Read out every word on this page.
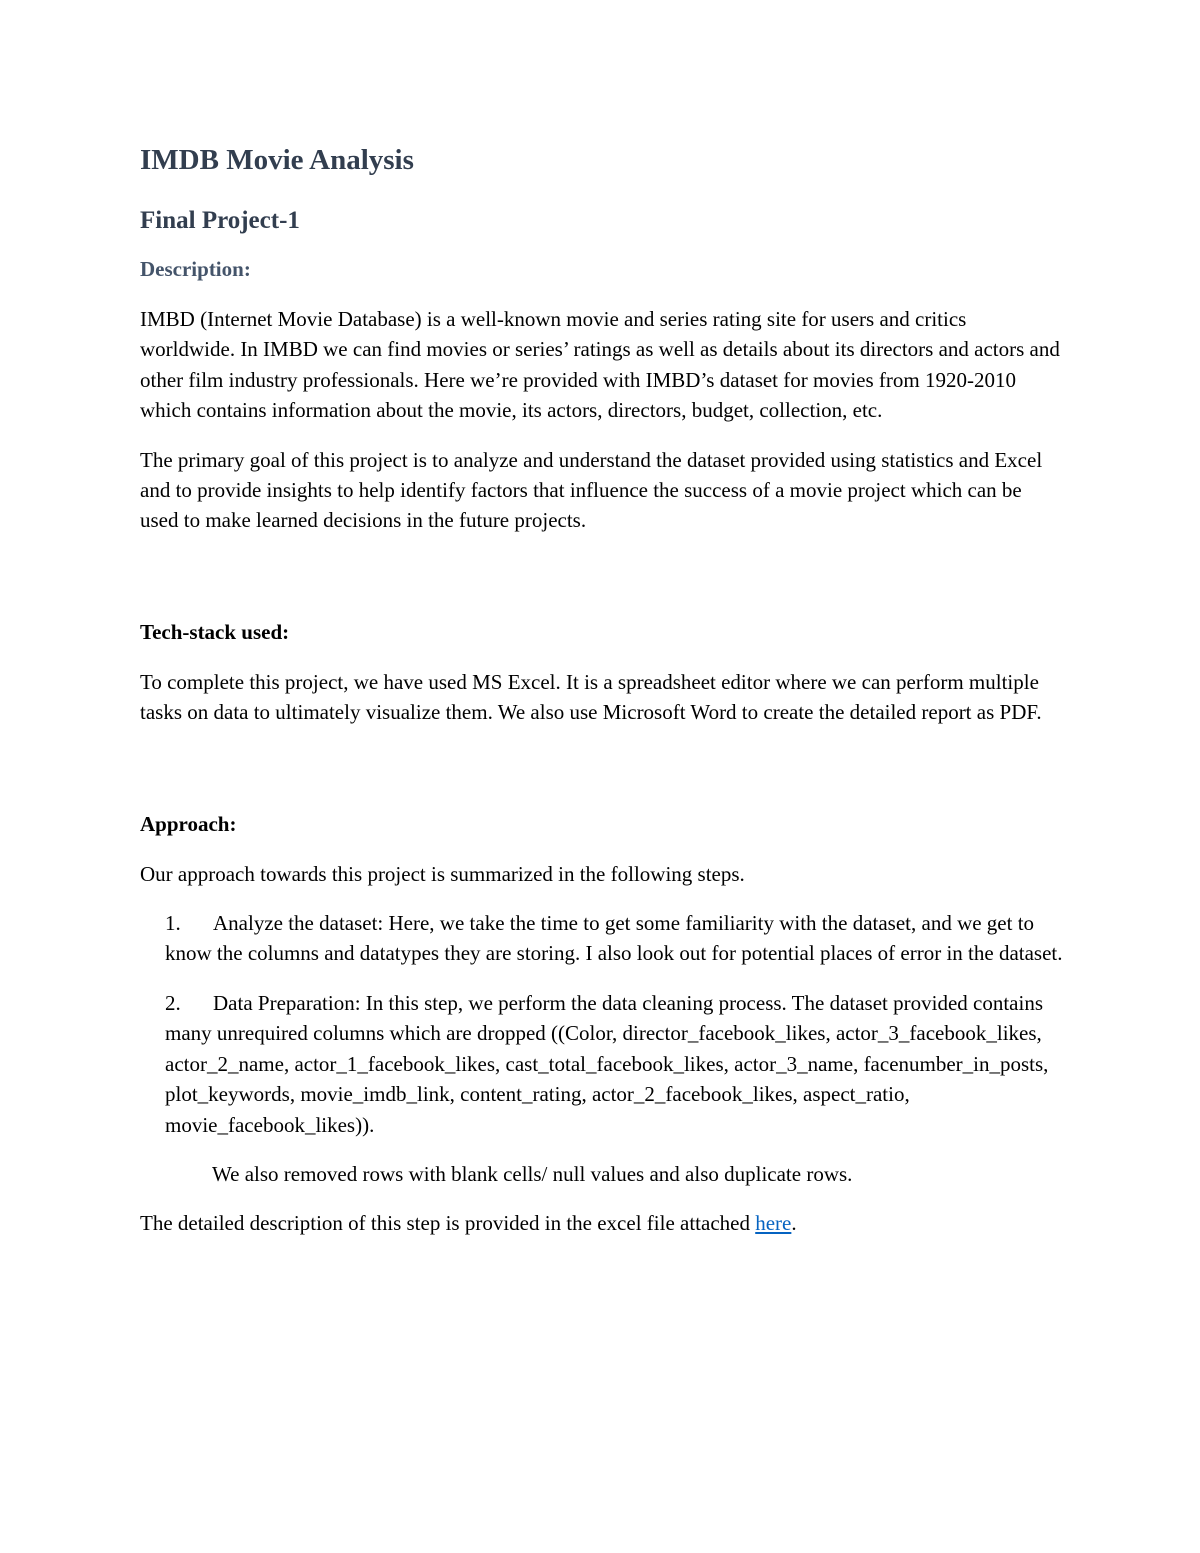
IMDB Movie Analysis
Final Project-1
Description:

IMBD (Internet Movie Database) is a well-known movie and series rating site for users and critics worldwide. In IMBD we can find movies or series’ ratings as well as details about its directors and actors and other film industry professionals. Here we’re provided with IMBD’s dataset for movies from 1920-2010 which contains information about the movie, its actors, directors, budget, collection, etc.

The primary goal of this project is to analyze and understand the dataset provided using statistics and Excel and to provide insights to help identify factors that influence the success of a movie project which can be used to make learned decisions in the future projects.

Tech-stack used:

To complete this project, we have used MS Excel. It is a spreadsheet editor where we can perform multiple tasks on data to ultimately visualize them. We also use Microsoft Word to create the detailed report as PDF.

Approach:

Our approach towards this project is summarized in the following steps.

1. Analyze the dataset: Here, we take the time to get some familiarity with the dataset, and we get to know the columns and datatypes they are storing. I also look out for potential places of error in the dataset.
2. Data Preparation: In this step, we perform the data cleaning process. The dataset provided contains many unrequired columns which are dropped ((Color, director_facebook_likes, actor_3_facebook_likes, actor_2_name, actor_1_facebook_likes, cast_total_facebook_likes, actor_3_name, facenumber_in_posts, plot_keywords, movie_imdb_link, content_rating, actor_2_facebook_likes, aspect_ratio, movie_facebook_likes)).
We also removed rows with blank cells/ null values and also duplicate rows.

The detailed description of this step is provided in the excel file attached here.
